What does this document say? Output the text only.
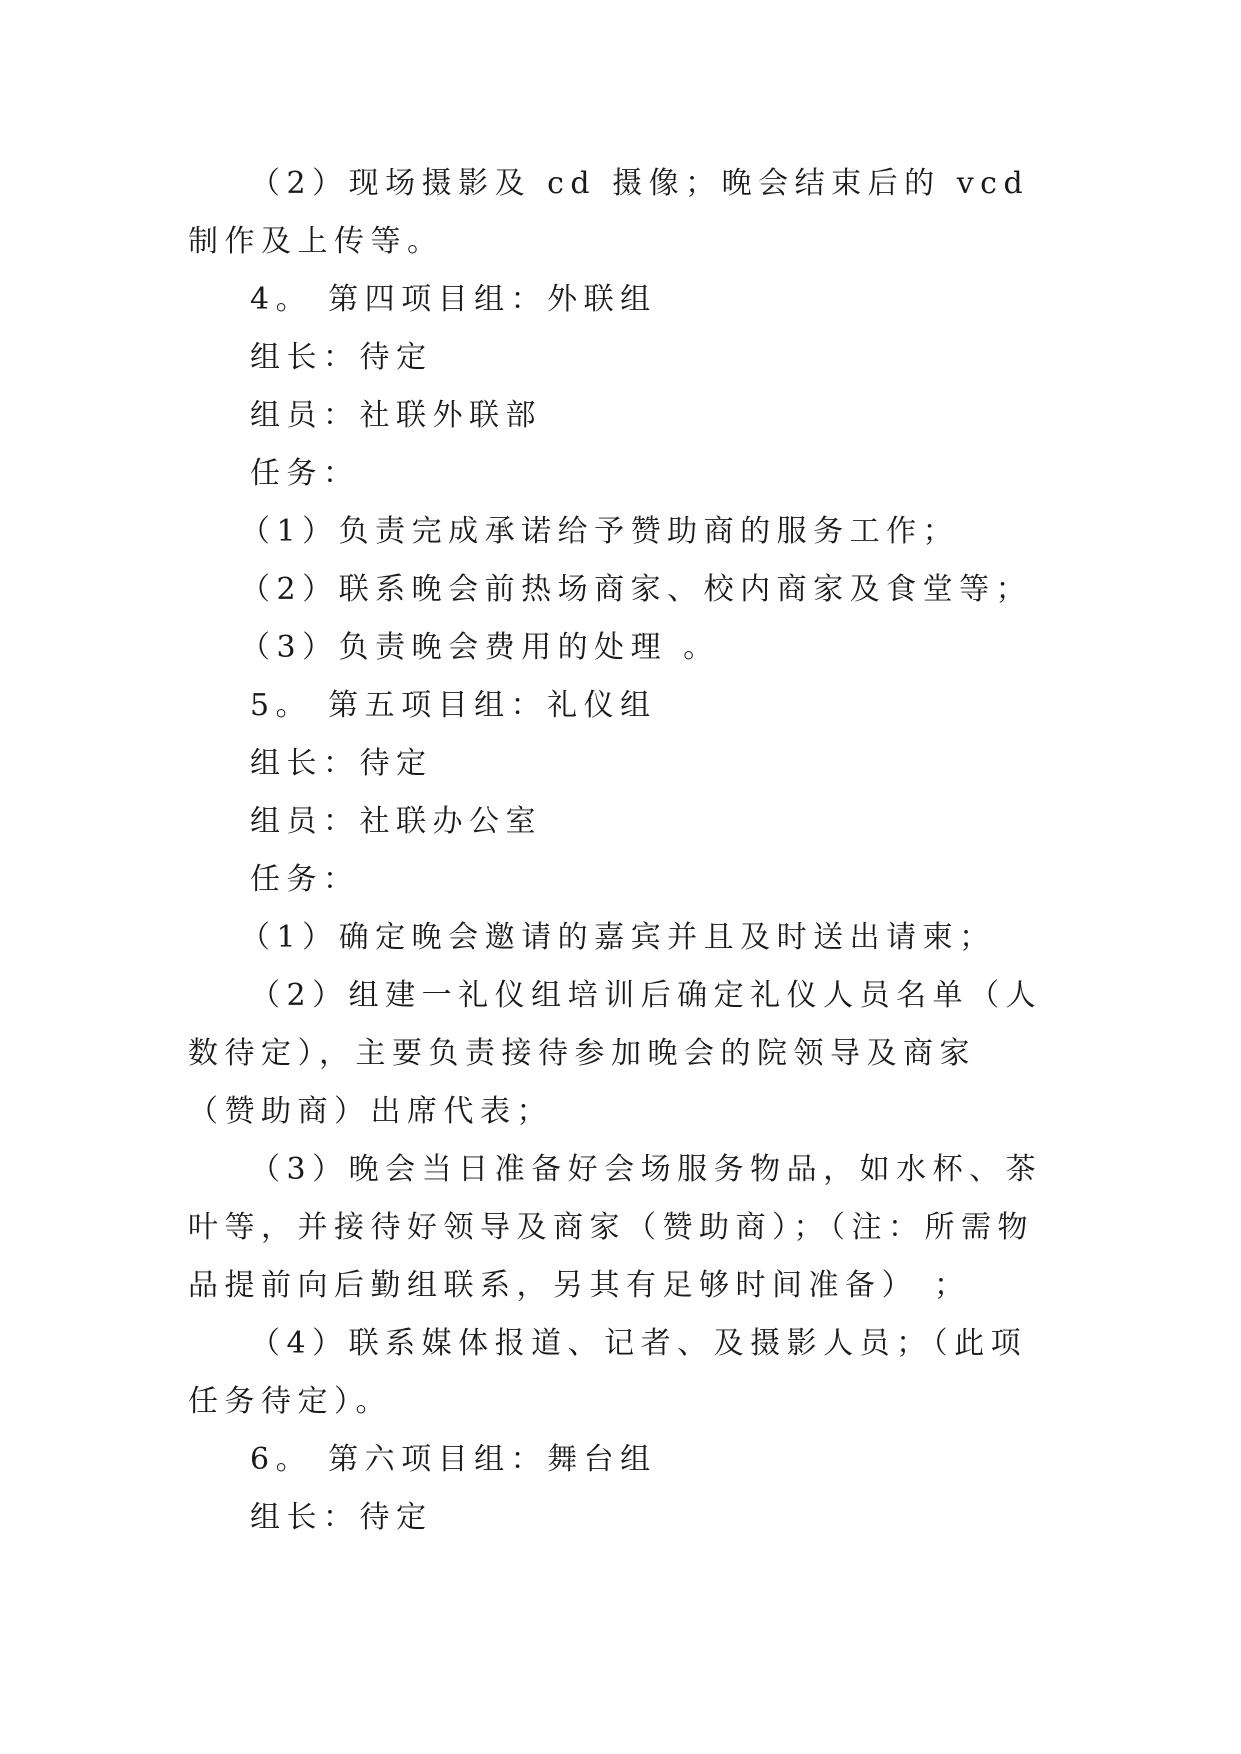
（2）现场摄影及 cd 摄像；晚会结束后的 vcd 制作及上传等。

4。 第四项目组：外联组

组长：待定

组员：社联外联部

任务：

（1）负责完成承诺给予赞助商的服务工作；

（2）联系晚会前热场商家、校内商家及食堂等；

（3）负责晚会费用的处理 。

5。 第五项目组：礼仪组

组长：待定

组员：社联办公室

任务：

（1）确定晚会邀请的嘉宾并且及时送出请柬；

（2）组建一礼仪组培训后确定礼仪人员名单（人数待定），主要负责接待参加晚会的院领导及商家（赞助商）出席代表；

（3）晚会当日准备好会场服务物品，如水杯、茶叶等，并接待好领导及商家（赞助商）；（注：所需物品提前向后勤组联系，另其有足够时间准备） ；

（4）联系媒体报道、记者、及摄影人员；（此项任务待定）。

6。 第六项目组：舞台组

组长：待定
